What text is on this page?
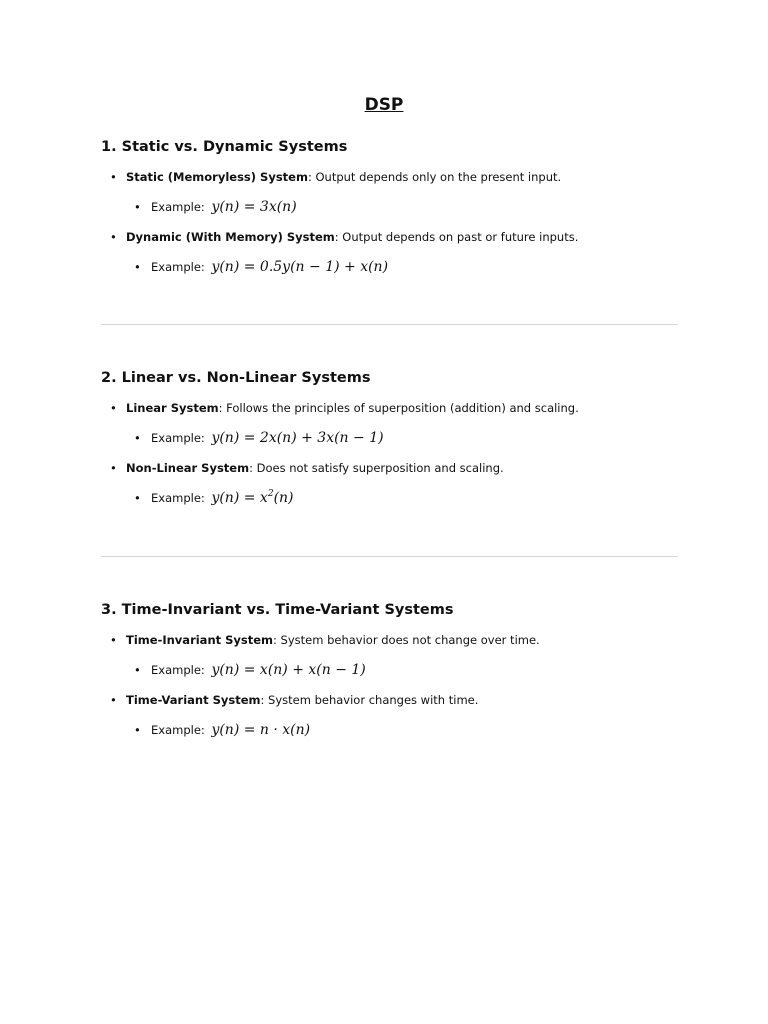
DSP
1. Static vs. Dynamic Systems

• Static (Memoryless) System: Output depends only on the present input.

• Example: y(n) = 3x(n)

• Dynamic (With Memory) System: Output depends on past or future inputs.

• Example: y(n) = 0.5y(n − 1) + x(n)

2. Linear vs. Non-Linear Systems

• Linear System: Follows the principles of superposition (addition) and scaling.

• Example: y(n) = 2x(n) + 3x(n − 1)

• Non-Linear System: Does not satisfy superposition and scaling.

• Example: $y(n) = x^2(n)$

3. Time-Invariant vs. Time-Variant Systems

• Time-Invariant System: System behavior does not change over time.

• Example: y(n) = x(n) + x(n − 1)

• Time-Variant System: System behavior changes with time.

• Example: y(n) = n · x(n)
